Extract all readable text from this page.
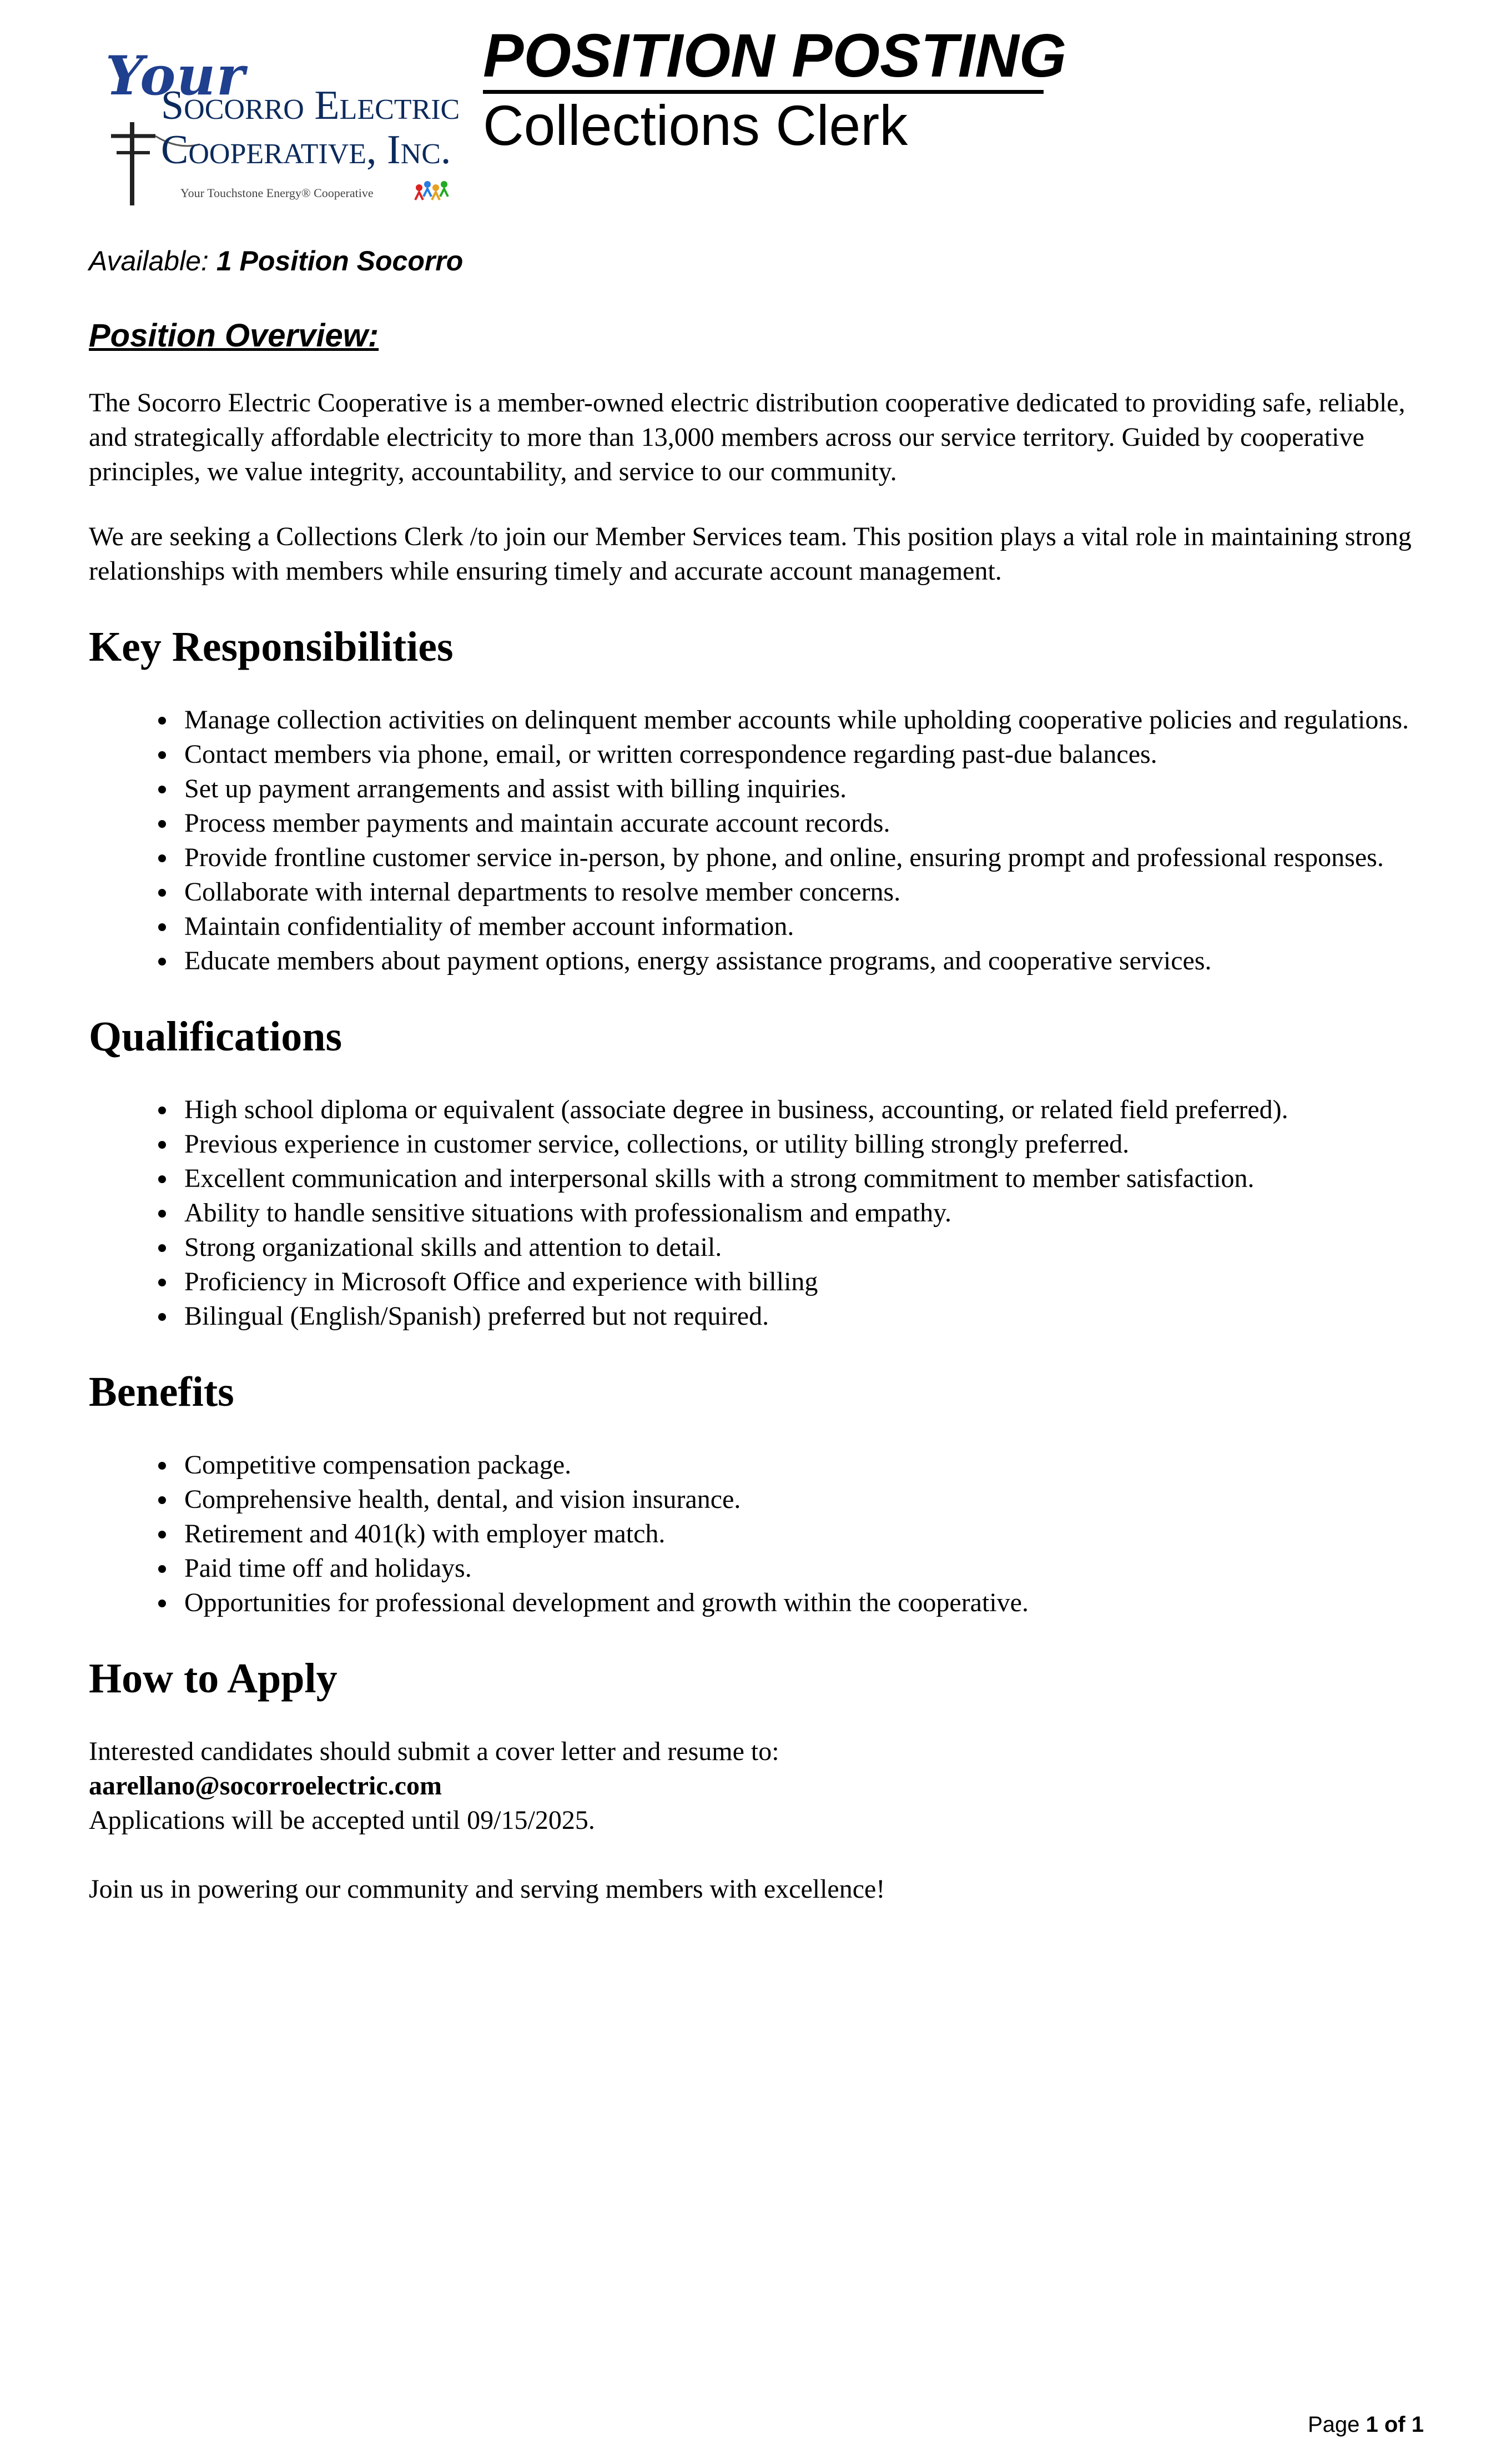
Your
Socorro Electric
Cooperative, Inc.
Your Touchstone Energy® Cooperative
POSITION POSTING
Collections Clerk

Available: 1 Position Socorro

Position Overview:

The Socorro Electric Cooperative is a member-owned electric distribution cooperative dedicated to providing safe, reliable, and strategically affordable electricity to more than 13,000 members across our service territory. Guided by cooperative principles, we value integrity, accountability, and service to our community.

We are seeking a Collections Clerk /to join our Member Services team. This position plays a vital role in maintaining strong relationships with members while ensuring timely and accurate account management.

Key Responsibilities
• Manage collection activities on delinquent member accounts while upholding cooperative policies and regulations.
• Contact members via phone, email, or written correspondence regarding past-due balances.
• Set up payment arrangements and assist with billing inquiries.
• Process member payments and maintain accurate account records.
• Provide frontline customer service in-person, by phone, and online, ensuring prompt and professional responses.
• Collaborate with internal departments to resolve member concerns.
• Maintain confidentiality of member account information.
• Educate members about payment options, energy assistance programs, and cooperative services.
Qualifications
• High school diploma or equivalent (associate degree in business, accounting, or related field preferred).
• Previous experience in customer service, collections, or utility billing strongly preferred.
• Excellent communication and interpersonal skills with a strong commitment to member satisfaction.
• Ability to handle sensitive situations with professionalism and empathy.
• Strong organizational skills and attention to detail.
• Proficiency in Microsoft Office and experience with billing
• Bilingual (English/Spanish) preferred but not required.
Benefits
• Competitive compensation package.
• Comprehensive health, dental, and vision insurance.
• Retirement and 401(k) with employer match.
• Paid time off and holidays.
• Opportunities for professional development and growth within the cooperative.
How to Apply
Interested candidates should submit a cover letter and resume to:
aarellano@socorroelectric.com
Applications will be accepted until 09/15/2025.

Join us in powering our community and serving members with excellence!

Page 1 of 1
